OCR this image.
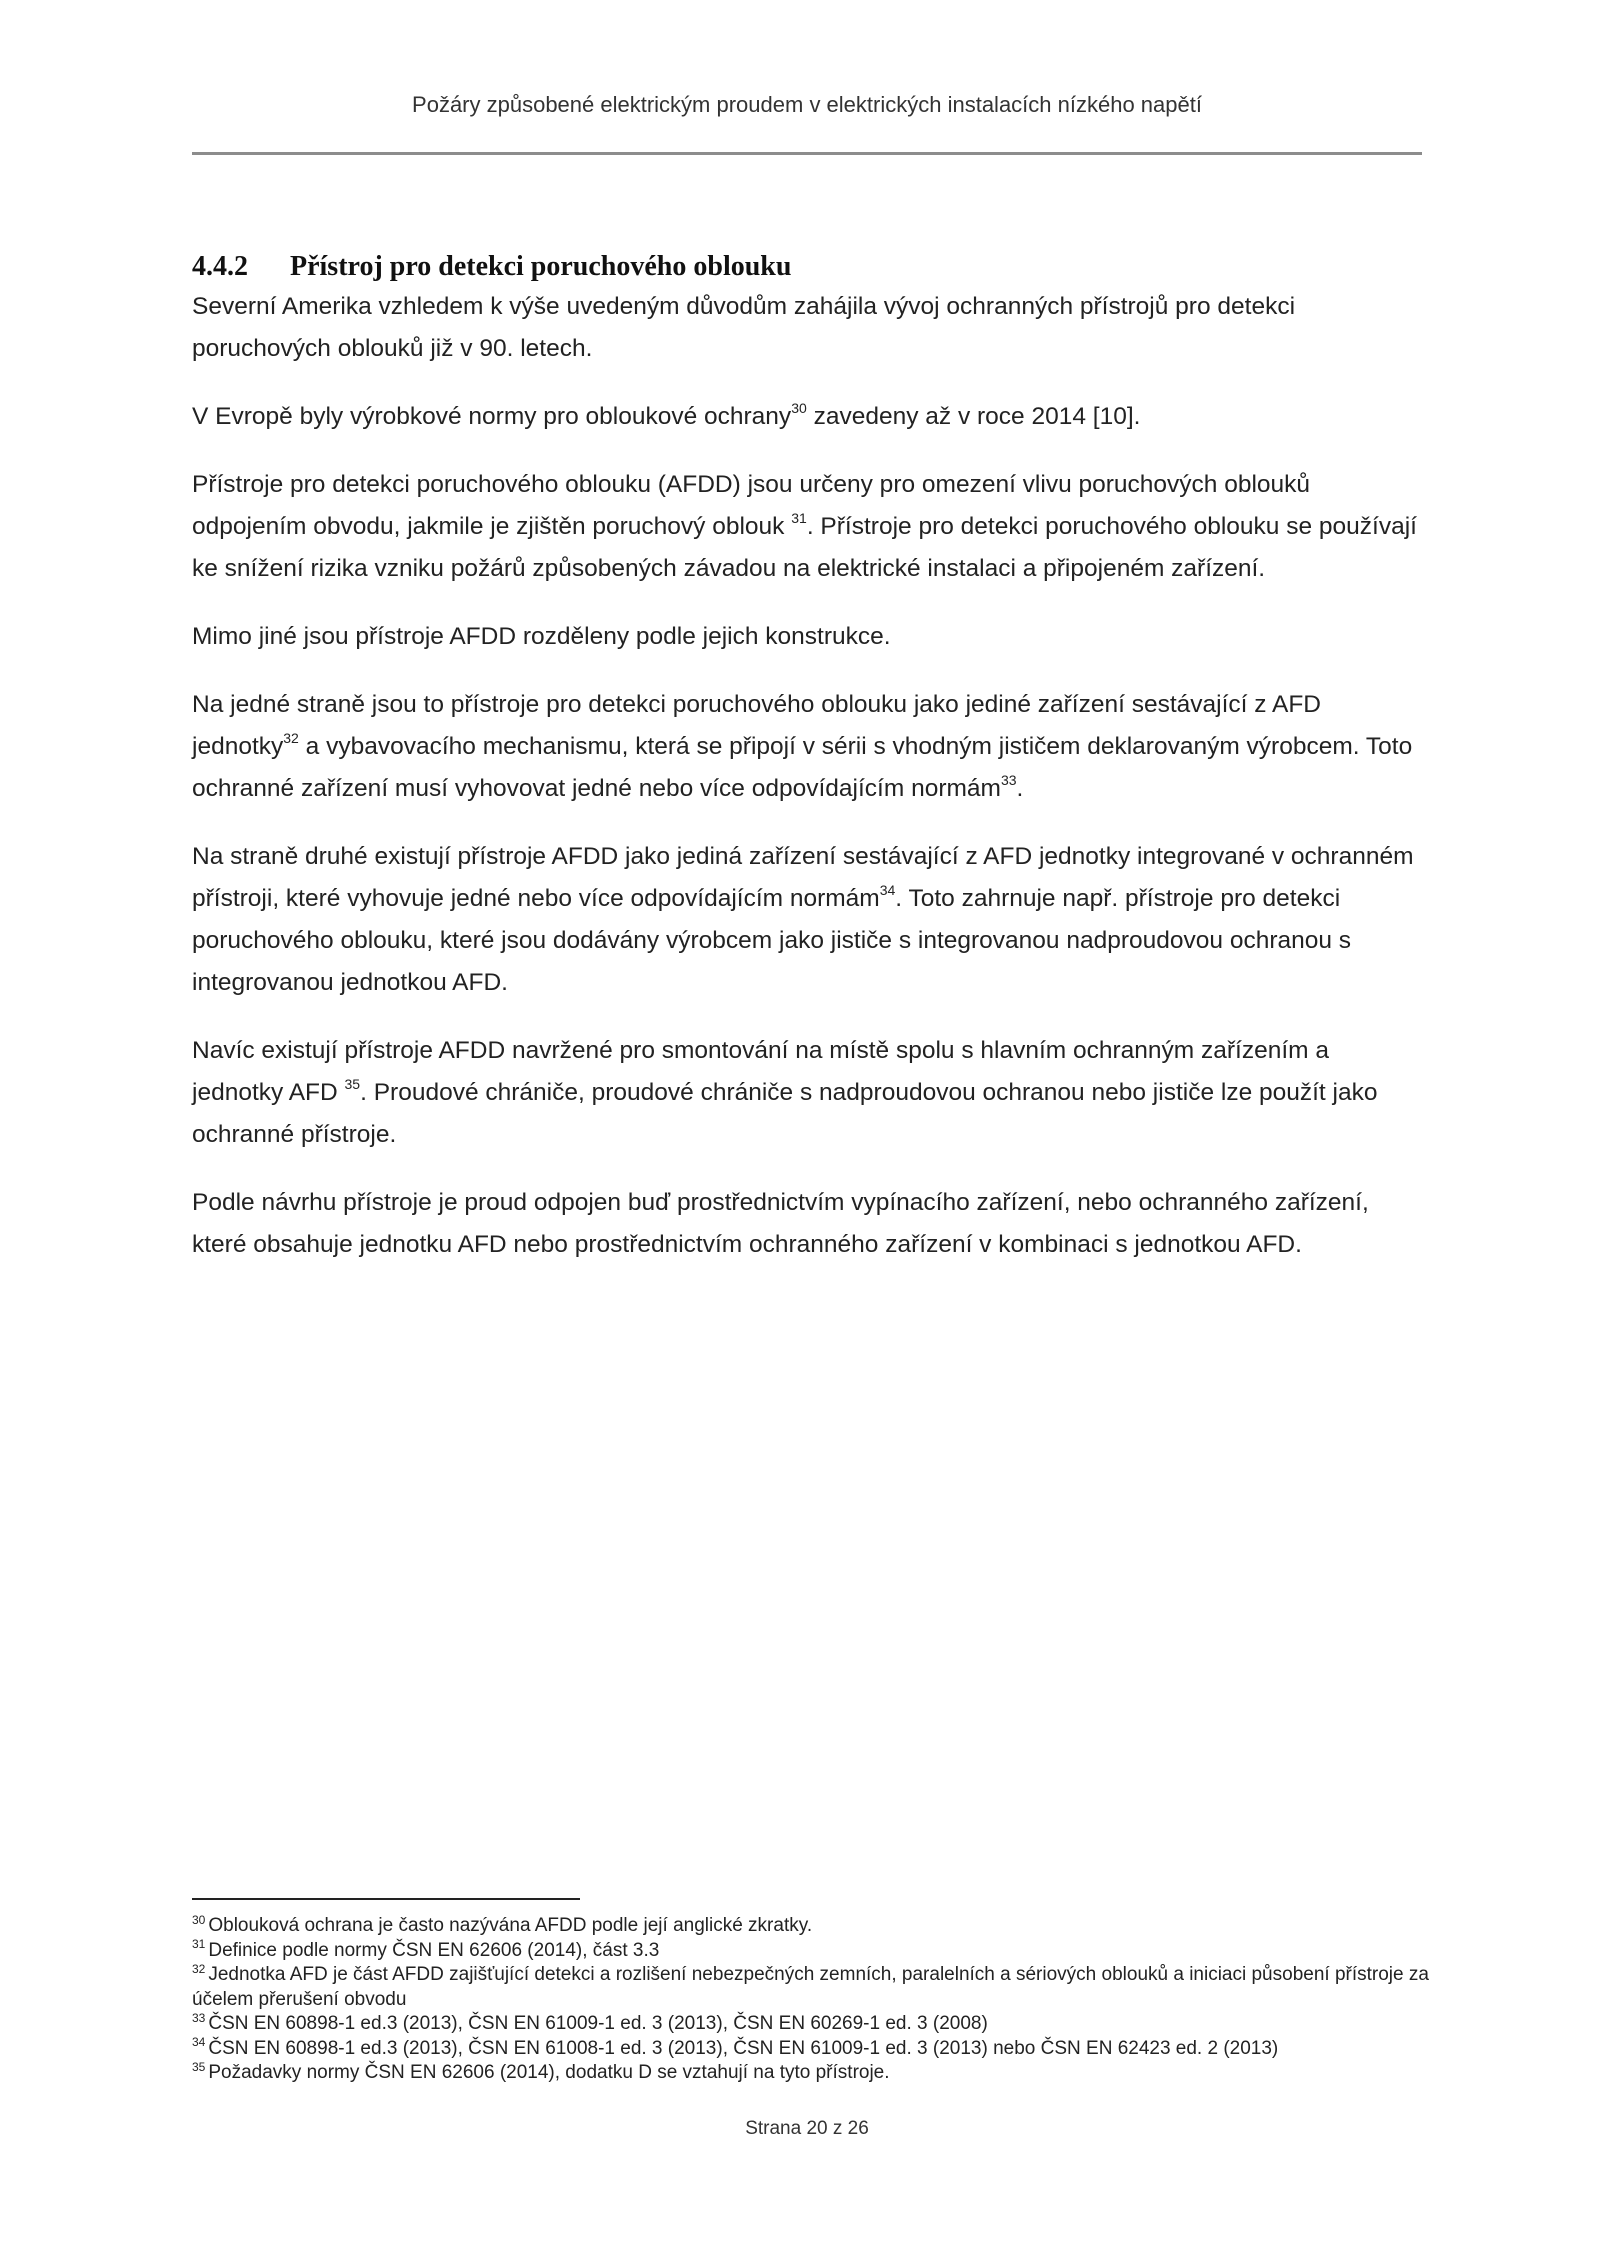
Požáry způsobené elektrickým proudem v elektrických instalacích nízkého napětí
4.4.2 Přístroj pro detekci poruchového oblouku

Severní Amerika vzhledem k výše uvedeným důvodům zahájila vývoj ochranných přístrojů pro detekci poruchových oblouků již v 90. letech.

V Evropě byly výrobkové normy pro obloukové ochrany$^{30}$ zavedeny až v roce 2014 [10].

Přístroje pro detekci poruchového oblouku (AFDD) jsou určeny pro omezení vlivu poruchových oblouků odpojením obvodu, jakmile je zjištěn poruchový oblouk $^{31}$. Přístroje pro detekci poruchového oblouku se používají ke snížení rizika vzniku požárů způsobených závadou na elektrické instalaci a připojeném zařízení.

Mimo jiné jsou přístroje AFDD rozděleny podle jejich konstrukce.

Na jedné straně jsou to přístroje pro detekci poruchového oblouku jako jediné zařízení sestávající z AFD jednotky$^{32}$ a vybavovacího mechanismu, která se připojí v sérii s vhodným jističem deklarovaným výrobcem. Toto ochranné zařízení musí vyhovovat jedné nebo více odpovídajícím normám$^{33}$.

Na straně druhé existují přístroje AFDD jako jediná zařízení sestávající z AFD jednotky integrované v ochranném přístroji, které vyhovuje jedné nebo více odpovídajícím normám$^{34}$. Toto zahrnuje např. přístroje pro detekci poruchového oblouku, které jsou dodávány výrobcem jako jističe s integrovanou nadproudovou ochranou s integrovanou jednotkou AFD.

Navíc existují přístroje AFDD navržené pro smontování na místě spolu s hlavním ochranným zařízením a jednotky AFD $^{35}$. Proudové chrániče, proudové chrániče s nadproudovou ochranou nebo jističe lze použít jako ochranné přístroje.

Podle návrhu přístroje je proud odpojen buď prostřednictvím vypínacího zařízení, nebo ochranného zařízení, které obsahuje jednotku AFD nebo prostřednictvím ochranného zařízení v kombinaci s jednotkou AFD.

$^{30}$ Oblouková ochrana je často nazývána AFDD podle její anglické zkratky.

$^{31}$ Definice podle normy ČSN EN 62606 (2014), část 3.3

$^{32}$ Jednotka AFD je část AFDD zajišťující detekci a rozlišení nebezpečných zemních, paralelních a sériových oblouků a iniciaci působení přístroje za účelem přerušení obvodu

$^{33}$ ČSN EN 60898-1 ed.3 (2013), ČSN EN 61009-1 ed. 3 (2013), ČSN EN 60269-1 ed. 3 (2008)

$^{34}$ ČSN EN 60898-1 ed.3 (2013), ČSN EN 61008-1 ed. 3 (2013), ČSN EN 61009-1 ed. 3 (2013) nebo ČSN EN 62423 ed. 2 (2013)

$^{35}$ Požadavky normy ČSN EN 62606 (2014), dodatku D se vztahují na tyto přístroje.

Strana 20 z 26
